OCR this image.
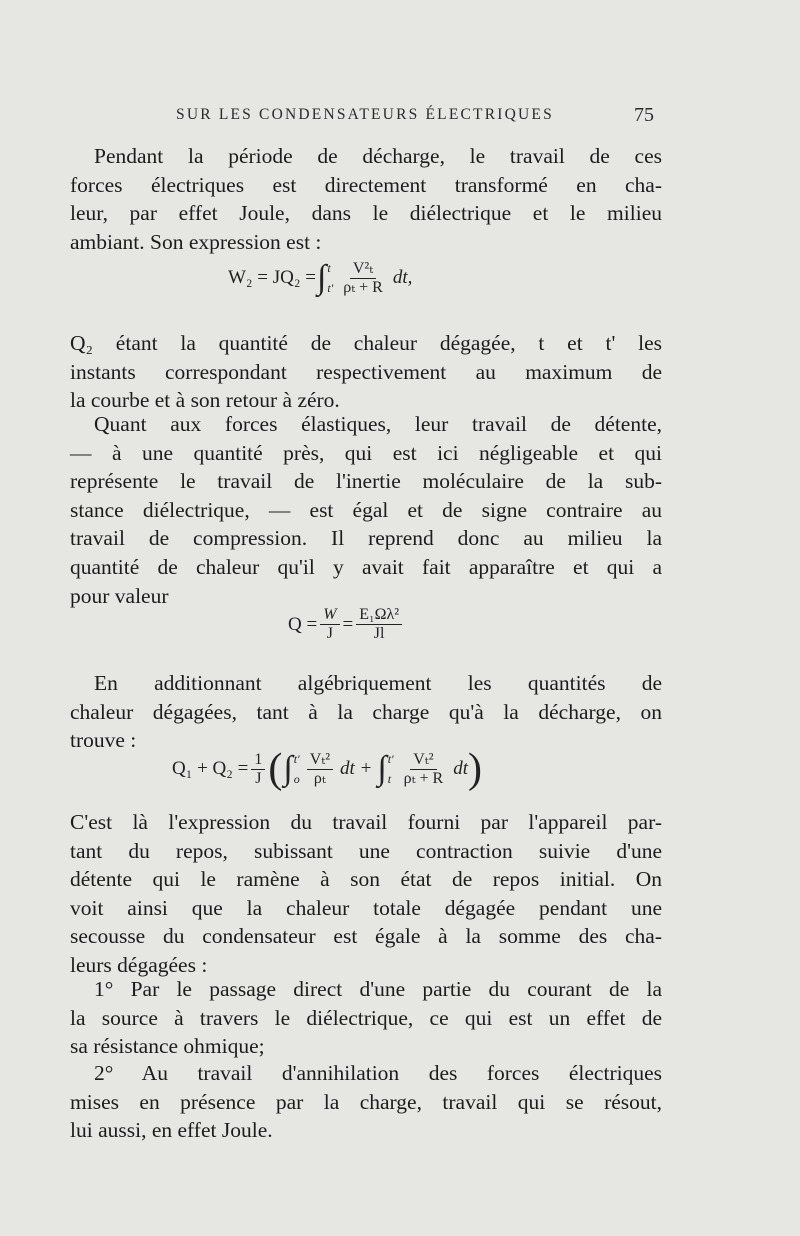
SUR LES CONDENSATEURS ÉLECTRIQUES	75

Pendant la période de décharge, le travail de ces
forces électriques est directement transformé en cha-
leur, par effet Joule, dans le diélectrique et le milieu
ambiant. Son expression est :

W₂ = JQ₂ = ∫ t
$t' \frac{\text{V²ₜ}}{\text{ρₜ + R}}$ dt,

Q₂ étant la quantité de chaleur dégagée, t et t' les
instants correspondant respectivement au maximum de
la courbe et à son retour à zéro.

Quant aux forces élastiques, leur travail de détente,
— à une quantité près, qui est ici négligeable et qui
représente le travail de l'inertie moléculaire de la sub-
stance diélectrique, — est égal et de signe contraire au
travail de compression. Il reprend donc au milieu la
quantité de chaleur qu'il y avait fait apparaître et qui a
pour valeur

$Q = \frac{W}{J} = \frac{\text{E₁Ωλ²}}{Jl}$

En additionnant algébriquement les quantités de
chaleur dégagées, tant à la charge qu'à la décharge, on
trouve :

$Q_1 + Q_2 = \frac{1}{J}$ ( ∫ t'
o $\frac{\text{Vₜ²}}{\text{ρₜ}}$ dt + ∫ t'
t $\frac{\text{Vₜ²}}{\text{ρₜ + R}}$ dt )

C'est là l'expression du travail fourni par l'appareil par-
tant du repos, subissant une contraction suivie d'une
détente qui le ramène à son état de repos initial. On
voit ainsi que la chaleur totale dégagée pendant une
secousse du condensateur est égale à la somme des cha-
leurs dégagées :

1° Par le passage direct d'une partie du courant de la
la source à travers le diélectrique, ce qui est un effet de
sa résistance ohmique;

2° Au travail d'annihilation des forces électriques
mises en présence par la charge, travail qui se résout,
lui aussi, en effet Joule.
